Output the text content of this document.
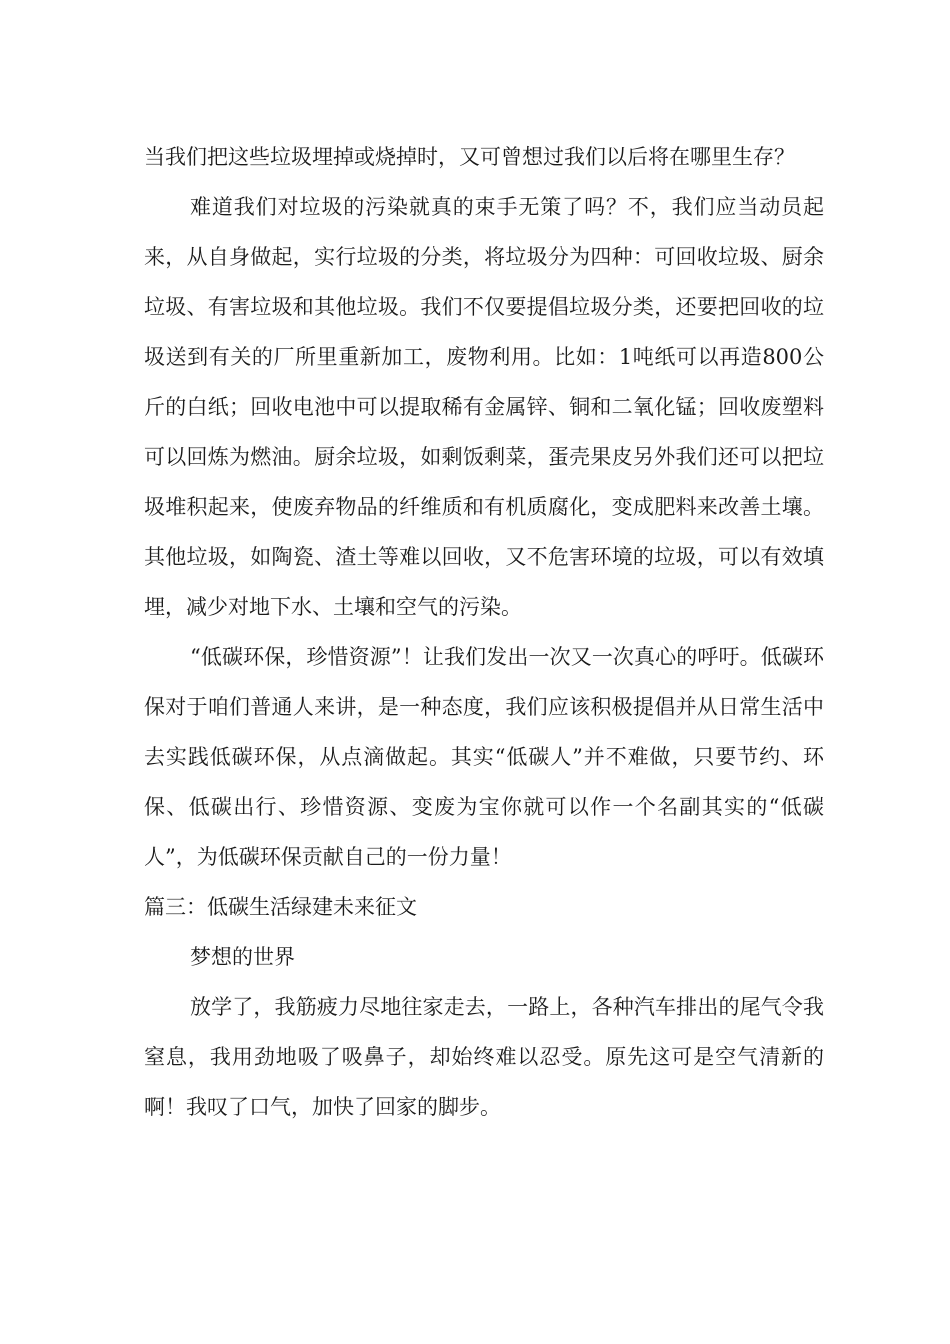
当我们把这些垃圾埋掉或烧掉时，又可曾想过我们以后将在哪里生存？

难道我们对垃圾的污染就真的束手无策了吗？不，我们应当动员起来，从自身做起，实行垃圾的分类，将垃圾分为四种：可回收垃圾、厨余垃圾、有害垃圾和其他垃圾。我们不仅要提倡垃圾分类，还要把回收的垃圾送到有关的厂所里重新加工，废物利用。比如：1吨纸可以再造800公斤的白纸；回收电池中可以提取稀有金属锌、铜和二氧化锰；回收废塑料可以回炼为燃油。厨余垃圾，如剩饭剩菜，蛋壳果皮另外我们还可以把垃圾堆积起来，使废弃物品的纤维质和有机质腐化，变成肥料来改善土壤。其他垃圾，如陶瓷、渣土等难以回收，又不危害环境的垃圾，可以有效填埋，减少对地下水、土壤和空气的污染。

“低碳环保，珍惜资源”！让我们发出一次又一次真心的呼吁。低碳环保对于咱们普通人来讲，是一种态度，我们应该积极提倡并从日常生活中去实践低碳环保，从点滴做起。其实“低碳人”并不难做，只要节约、环保、低碳出行、珍惜资源、变废为宝你就可以作一个名副其实的“低碳人”，为低碳环保贡献自己的一份力量！

篇三：低碳生活绿建未来征文

梦想的世界

放学了，我筋疲力尽地往家走去，一路上，各种汽车排出的尾气令我窒息，我用劲地吸了吸鼻子，却始终难以忍受。原先这可是空气清新的啊！我叹了口气，加快了回家的脚步。
